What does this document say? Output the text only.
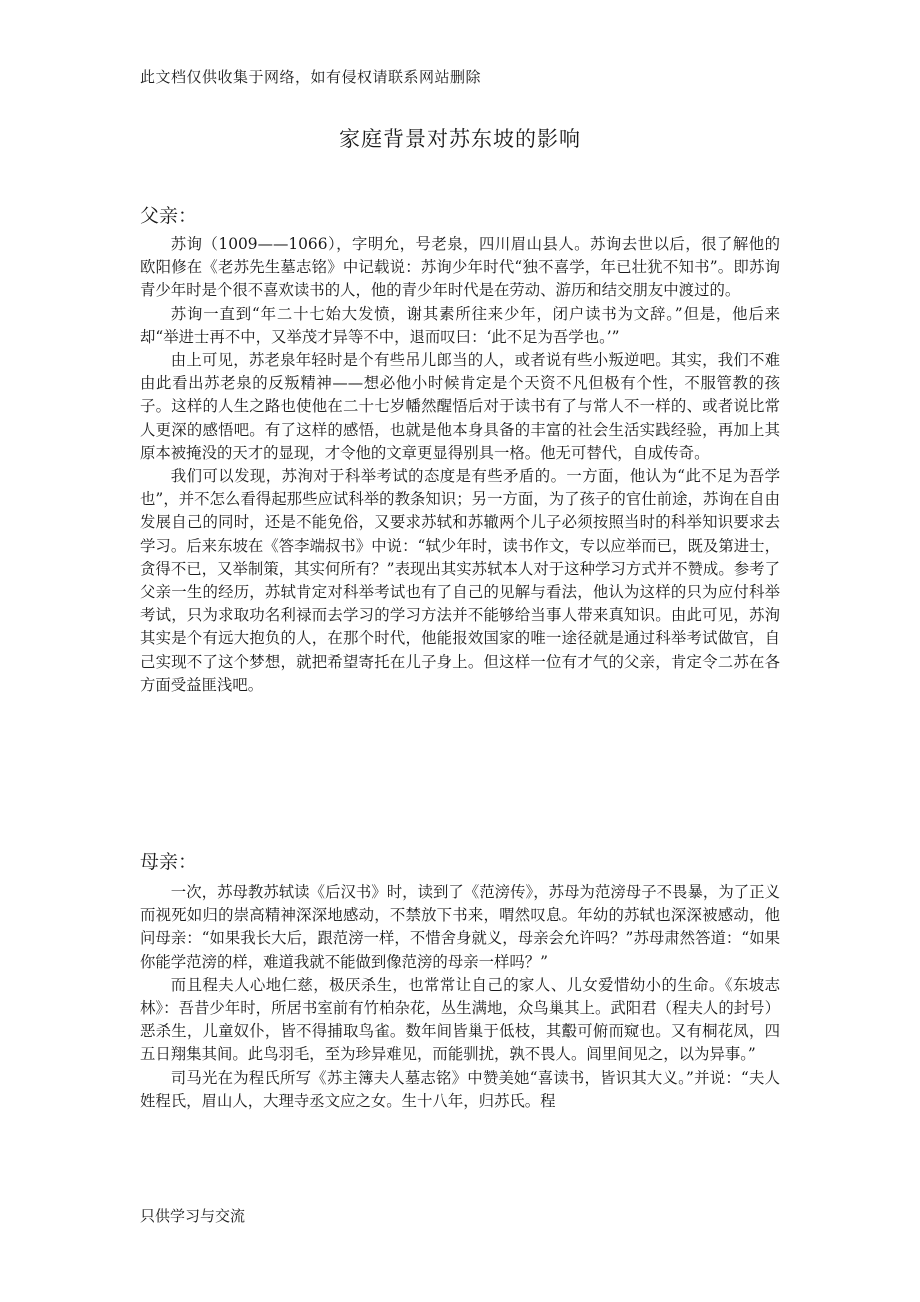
此文档仅供收集于网络，如有侵权请联系网站删除
家庭背景对苏东坡的影响
父亲：

苏询（1009——1066），字明允，号老泉，四川眉山县人。苏询去世以后，很了解他的欧阳修在《老苏先生墓志铭》中记载说：苏询少年时代“独不喜学，年已壮犹不知书”。即苏询青少年时是个很不喜欢读书的人，他的青少年时代是在劳动、游历和结交朋友中渡过的。

苏询一直到“年二十七始大发愤，谢其素所往来少年，闭户读书为文辞。”但是，他后来却“举进士再不中，又举茂才异等不中，退而叹曰：‘此不足为吾学也。’”

由上可见，苏老泉年轻时是个有些吊儿郎当的人，或者说有些小叛逆吧。其实，我们不难由此看出苏老泉的反叛精神——想必他小时候肯定是个天资不凡但极有个性，不服管教的孩子。这样的人生之路也使他在二十七岁幡然醒悟后对于读书有了与常人不一样的、或者说比常人更深的感悟吧。有了这样的感悟，也就是他本身具备的丰富的社会生活实践经验，再加上其原本被掩没的天才的显现，才令他的文章更显得别具一格。他无可替代，自成传奇。

我们可以发现，苏洵对于科举考试的态度是有些矛盾的。一方面，他认为“此不足为吾学也”，并不怎么看得起那些应试科举的教条知识；另一方面，为了孩子的官仕前途，苏询在自由发展自己的同时，还是不能免俗，又要求苏轼和苏辙两个儿子必须按照当时的科举知识要求去学习。后来东坡在《答李端叔书》中说：“轼少年时，读书作文，专以应举而已，既及第进士，贪得不已，又举制策，其实何所有？”表现出其实苏轼本人对于这种学习方式并不赞成。参考了父亲一生的经历，苏轼肯定对科举考试也有了自己的见解与看法，他认为这样的只为应付科举考试，只为求取功名利禄而去学习的学习方法并不能够给当事人带来真知识。由此可见，苏洵其实是个有远大抱负的人，在那个时代，他能报效国家的唯一途径就是通过科举考试做官，自己实现不了这个梦想，就把希望寄托在儿子身上。但这样一位有才气的父亲，肯定令二苏在各方面受益匪浅吧。

母亲：

一次，苏母教苏轼读《后汉书》时，读到了《范滂传》，苏母为范滂母子不畏暴，为了正义而视死如归的崇高精神深深地感动，不禁放下书来，喟然叹息。年幼的苏轼也深深被感动，他问母亲：“如果我长大后，跟范滂一样，不惜舍身就义，母亲会允许吗？”苏母肃然答道：“如果你能学范滂的样，难道我就不能做到像范滂的母亲一样吗？”

而且程夫人心地仁慈，极厌杀生，也常常让自己的家人、儿女爱惜幼小的生命。《东坡志林》：吾昔少年时，所居书室前有竹柏杂花，丛生满地，众鸟巢其上。武阳君（程夫人的封号）恶杀生，儿童奴仆，皆不得捕取鸟雀。数年间皆巢于低枝，其鷇可俯而窥也。又有桐花凤，四五日翔集其间。此鸟羽毛，至为珍异难见，而能驯扰，孰不畏人。闾里间见之，以为异事。”

司马光在为程氏所写《苏主簿夫人墓志铭》中赞美她“喜读书，皆识其大义。”并说：“夫人姓程氏，眉山人，大理寺丞文应之女。生十八年，归苏氏。程

只供学习与交流
